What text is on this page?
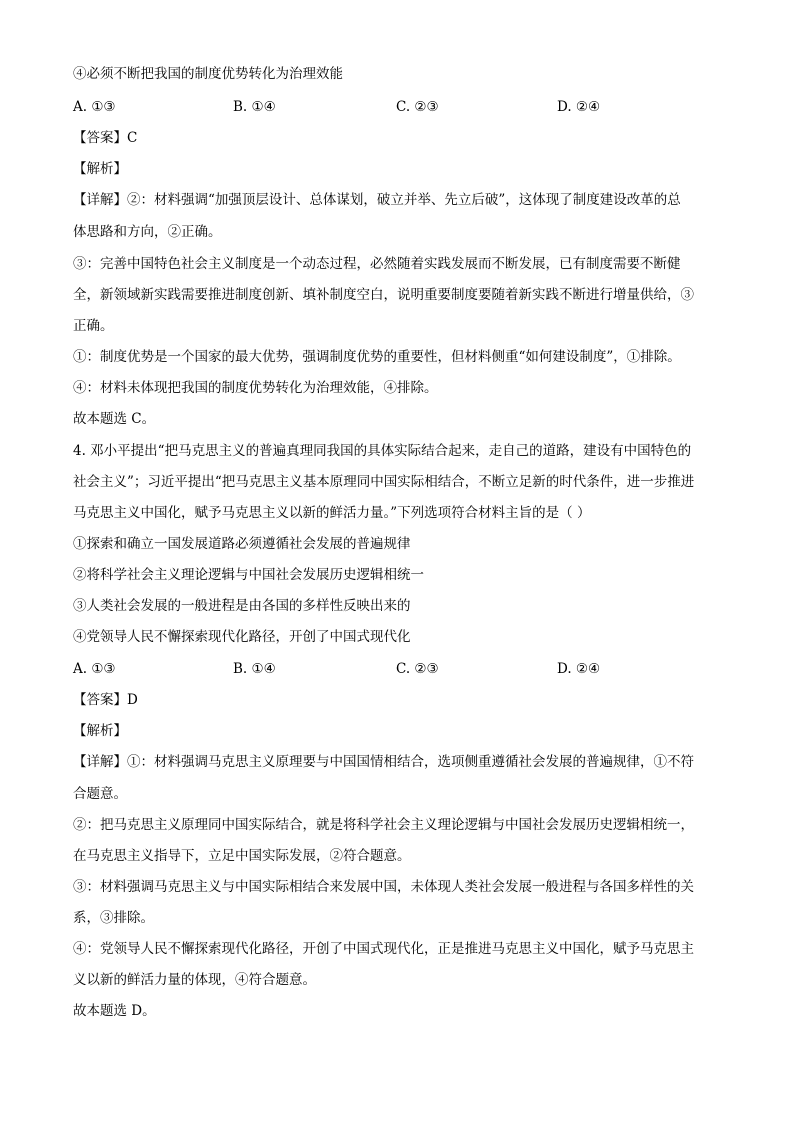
④必须不断把我国的制度优势转化为治理效能
A. ①③	B. ①④	C. ②③	D. ②④
【答案】C
【解析】
【详解】②：材料强调“加强顶层设计、总体谋划，破立并举、先立后破”，这体现了制度建设改革的总
体思路和方向，②正确。
③：完善中国特色社会主义制度是一个动态过程，必然随着实践发展而不断发展，已有制度需要不断健
全，新领域新实践需要推进制度创新、填补制度空白，说明重要制度要随着新实践不断进行增量供给，③
正确。
①：制度优势是一个国家的最大优势，强调制度优势的重要性，但材料侧重“如何建设制度”，①排除。
④：材料未体现把我国的制度优势转化为治理效能，④排除。
故本题选 C。
4. 邓小平提出“把马克思主义的普遍真理同我国的具体实际结合起来，走自己的道路，建设有中国特色的
社会主义”；习近平提出“把马克思主义基本原理同中国实际相结合，不断立足新的时代条件，进一步推进
马克思主义中国化，赋予马克思主义以新的鲜活力量。”下列选项符合材料主旨的是（ ）
①探索和确立一国发展道路必须遵循社会发展的普遍规律
②将科学社会主义理论逻辑与中国社会发展历史逻辑相统一
③人类社会发展的一般进程是由各国的多样性反映出来的
④党领导人民不懈探索现代化路径，开创了中国式现代化
A. ①③	B. ①④	C. ②③	D. ②④
【答案】D
【解析】
【详解】①：材料强调马克思主义原理要与中国国情相结合，选项侧重遵循社会发展的普遍规律，①不符
合题意。
②：把马克思主义原理同中国实际结合，就是将科学社会主义理论逻辑与中国社会发展历史逻辑相统一，
在马克思主义指导下，立足中国实际发展，②符合题意。
③：材料强调马克思主义与中国实际相结合来发展中国，未体现人类社会发展一般进程与各国多样性的关
系，③排除。
④：党领导人民不懈探索现代化路径，开创了中国式现代化，正是推进马克思主义中国化，赋予马克思主
义以新的鲜活力量的体现，④符合题意。
故本题选 D。
